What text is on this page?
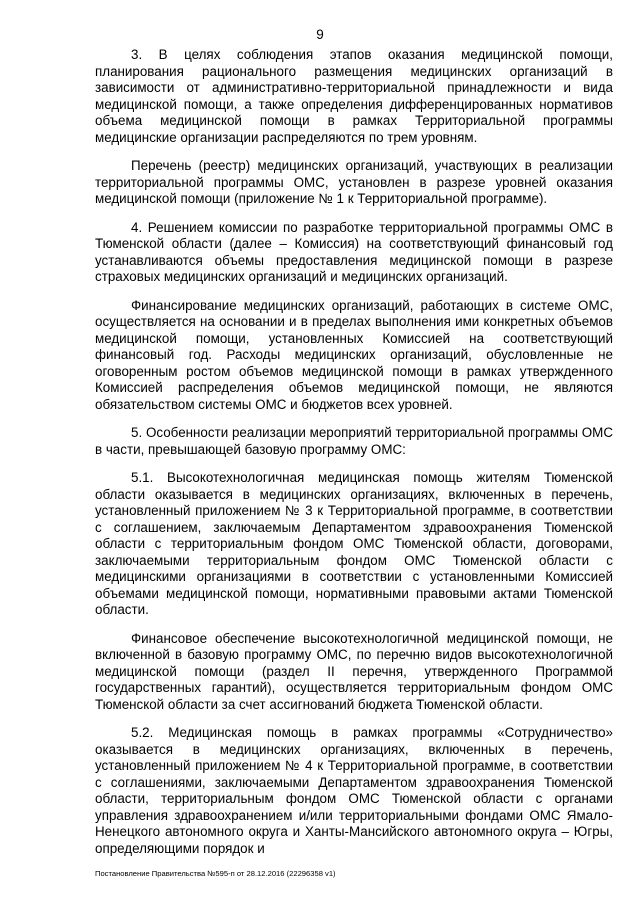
9

3. В целях соблюдения этапов оказания медицинской помощи, планирования рационального размещения медицинских организаций в зависимости от административно-территориальной принадлежности и вида медицинской помощи, а также определения дифференцированных нормативов объема медицинской помощи в рамках Территориальной программы медицинские организации распределяются по трем уровням.

Перечень (реестр) медицинских организаций, участвующих в реализации территориальной программы ОМС, установлен в разрезе уровней оказания медицинской помощи (приложение № 1 к Территориальной программе).

4. Решением комиссии по разработке территориальной программы ОМС в Тюменской области (далее – Комиссия) на соответствующий финансовый год устанавливаются объемы предоставления медицинской помощи в разрезе страховых медицинских организаций и медицинских организаций.

Финансирование медицинских организаций, работающих в системе ОМС, осуществляется на основании и в пределах выполнения ими конкретных объемов медицинской помощи, установленных Комиссией на соответствующий финансовый год. Расходы медицинских организаций, обусловленные не оговоренным ростом объемов медицинской помощи в рамках утвержденного Комиссией распределения объемов медицинской помощи, не являются обязательством системы ОМС и бюджетов всех уровней.

5. Особенности реализации мероприятий территориальной программы ОМС в части, превышающей базовую программу ОМС:

5.1. Высокотехнологичная медицинская помощь жителям Тюменской области оказывается в медицинских организациях, включенных в перечень, установленный приложением № 3 к Территориальной программе, в соответствии с соглашением, заключаемым Департаментом здравоохранения Тюменской области с территориальным фондом ОМС Тюменской области, договорами, заключаемыми территориальным фондом ОМС Тюменской области с медицинскими организациями в соответствии с установленными Комиссией объемами медицинской помощи, нормативными правовыми актами Тюменской области.

Финансовое обеспечение высокотехнологичной медицинской помощи, не включенной в базовую программу ОМС, по перечню видов высокотехнологичной медицинской помощи (раздел II перечня, утвержденного Программой государственных гарантий), осуществляется территориальным фондом ОМС Тюменской области за счет ассигнований бюджета Тюменской области.

5.2. Медицинская помощь в рамках программы «Сотрудничество» оказывается в медицинских организациях, включенных в перечень, установленный приложением № 4 к Территориальной программе, в соответствии с соглашениями, заключаемыми Департаментом здравоохранения Тюменской области, территориальным фондом ОМС Тюменской области с органами управления здравоохранением и/или территориальными фондами ОМС Ямало-Ненецкого автономного округа и Ханты-Мансийского автономного округа – Югры, определяющими порядок и

Постановление Правительства №595-п от 28.12.2016 (22296358 v1)
